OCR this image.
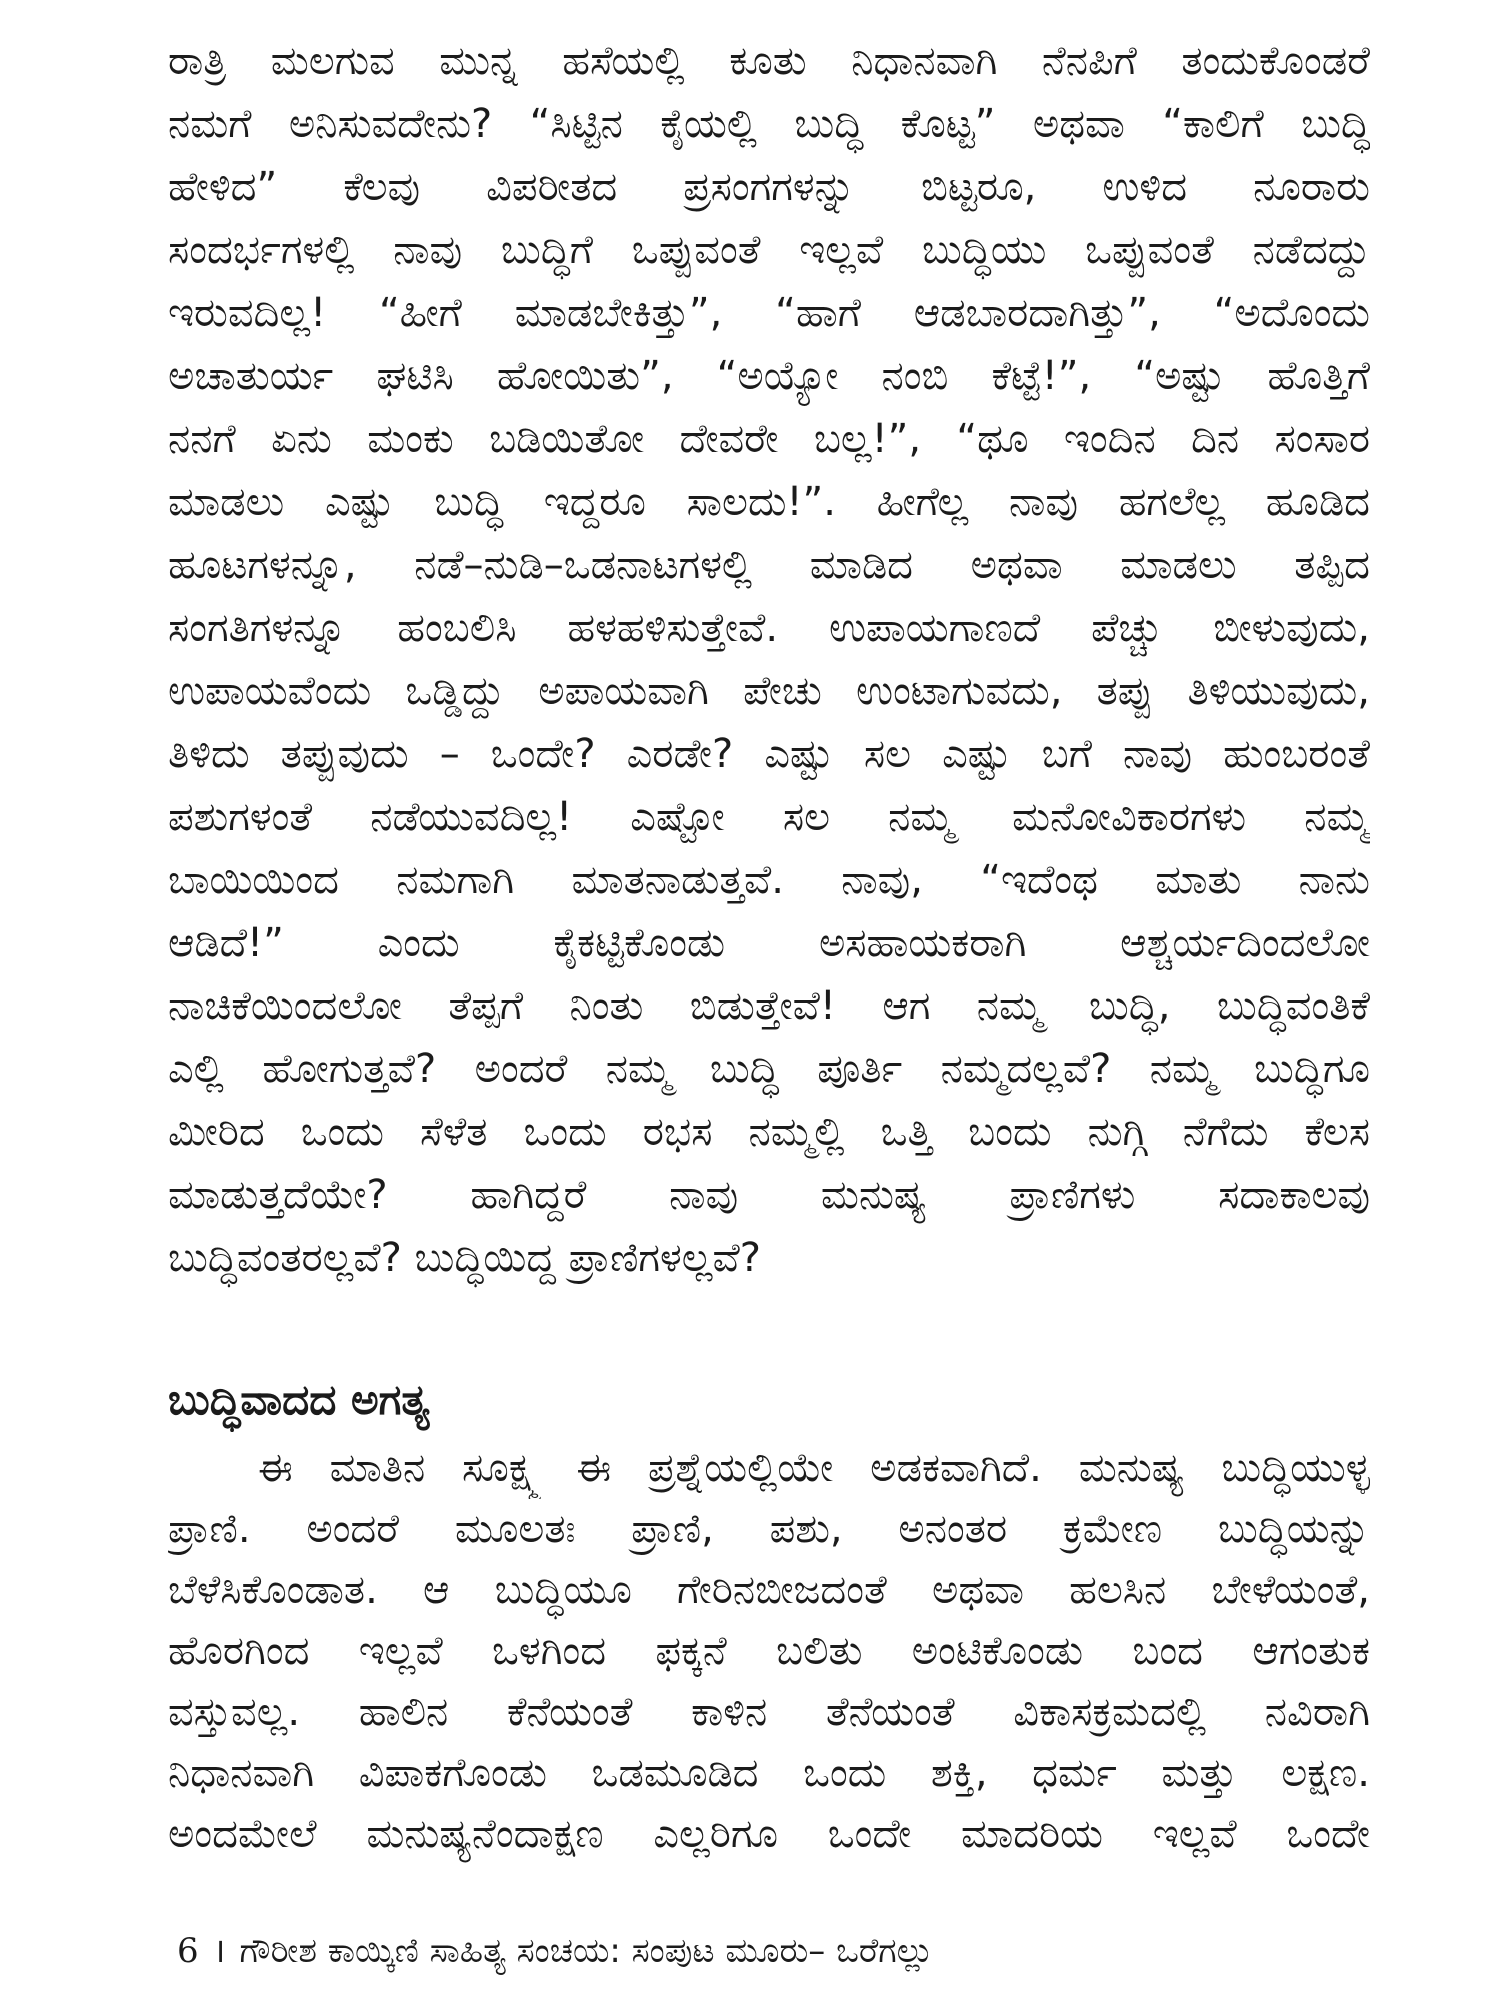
ರಾತ್ರಿ ಮಲಗುವ ಮುನ್ನ ಹಸೆಯಲ್ಲಿ ಕೂತು ನಿಧಾನವಾಗಿ ನೆನಪಿಗೆ ತಂದುಕೊಂಡರೆ
ನಮಗೆ ಅನಿಸುವದೇನು? “ಸಿಟ್ಟಿನ ಕೈಯಲ್ಲಿ ಬುದ್ಧಿ ಕೊಟ್ಟ” ಅಥವಾ “ಕಾಲಿಗೆ ಬುದ್ಧಿ
ಹೇಳಿದ” ಕೆಲವು ವಿಪರೀತದ ಪ್ರಸಂಗಗಳನ್ನು ಬಿಟ್ಟರೂ, ಉಳಿದ ನೂರಾರು
ಸಂದರ್ಭಗಳಲ್ಲಿ ನಾವು ಬುದ್ಧಿಗೆ ಒಪ್ಪುವಂತೆ ಇಲ್ಲವೆ ಬುದ್ಧಿಯು ಒಪ್ಪುವಂತೆ ನಡೆದದ್ದು
ಇರುವದಿಲ್ಲ! “ಹೀಗೆ ಮಾಡಬೇಕಿತ್ತು”, “ಹಾಗೆ ಆಡಬಾರದಾಗಿತ್ತು”, “ಅದೊಂದು
ಅಚಾತುರ್ಯ ಘಟಿಸಿ ಹೋಯಿತು”, “ಅಯ್ಯೋ ನಂಬಿ ಕೆಟ್ಟೆ!”, “ಅಷ್ಟು ಹೊತ್ತಿಗೆ
ನನಗೆ ಏನು ಮಂಕು ಬಡಿಯಿತೋ ದೇವರೇ ಬಲ್ಲ!”, “ಥೂ ಇಂದಿನ ದಿನ ಸಂಸಾರ
ಮಾಡಲು ಎಷ್ಟು ಬುದ್ಧಿ ಇದ್ದರೂ ಸಾಲದು!”. ಹೀಗೆಲ್ಲ ನಾವು ಹಗಲೆಲ್ಲ ಹೂಡಿದ
ಹೂಟಗಳನ್ನೂ, ನಡೆ–ನುಡಿ–ಒಡನಾಟಗಳಲ್ಲಿ ಮಾಡಿದ ಅಥವಾ ಮಾಡಲು ತಪ್ಪಿದ
ಸಂಗತಿಗಳನ್ನೂ ಹಂಬಲಿಸಿ ಹಳಹಳಿಸುತ್ತೇವೆ. ಉಪಾಯಗಾಣದೆ ಪೆಚ್ಚು ಬೀಳುವುದು,
ಉಪಾಯವೆಂದು ಒಡ್ಡಿದ್ದು ಅಪಾಯವಾಗಿ ಪೇಚು ಉಂಟಾಗುವದು, ತಪ್ಪು ತಿಳಿಯುವುದು,
ತಿಳಿದು ತಪ್ಪುವುದು – ಒಂದೇ? ಎರಡೇ? ಎಷ್ಟು ಸಲ ಎಷ್ಟು ಬಗೆ ನಾವು ಹುಂಬರಂತೆ
ಪಶುಗಳಂತೆ ನಡೆಯುವದಿಲ್ಲ! ಎಷ್ಟೋ ಸಲ ನಮ್ಮ ಮನೋವಿಕಾರಗಳು ನಮ್ಮ
ಬಾಯಿಯಿಂದ ನಮಗಾಗಿ ಮಾತನಾಡುತ್ತವೆ. ನಾವು, “ಇದೆಂಥ ಮಾತು ನಾನು
ಆಡಿದೆ!” ಎಂದು ಕೈಕಟ್ಟಿಕೊಂಡು ಅಸಹಾಯಕರಾಗಿ ಆಶ್ಚರ್ಯದಿಂದಲೋ
ನಾಚಿಕೆಯಿಂದಲೋ ತೆಪ್ಪಗೆ ನಿಂತು ಬಿಡುತ್ತೇವೆ! ಆಗ ನಮ್ಮ ಬುದ್ಧಿ, ಬುದ್ಧಿವಂತಿಕೆ
ಎಲ್ಲಿ ಹೋಗುತ್ತವೆ? ಅಂದರೆ ನಮ್ಮ ಬುದ್ಧಿ ಪೂರ್ತಿ ನಮ್ಮದಲ್ಲವೆ? ನಮ್ಮ ಬುದ್ಧಿಗೂ
ಮೀರಿದ ಒಂದು ಸೆಳೆತ ಒಂದು ರಭಸ ನಮ್ಮಲ್ಲಿ ಒತ್ತಿ ಬಂದು ನುಗ್ಗಿ ನೆಗೆದು ಕೆಲಸ
ಮಾಡುತ್ತದೆಯೇ? ಹಾಗಿದ್ದರೆ ನಾವು ಮನುಷ್ಯ ಪ್ರಾಣಿಗಳು ಸದಾಕಾಲವು
ಬುದ್ಧಿವಂತರಲ್ಲವೆ? ಬುದ್ಧಿಯಿದ್ದ ಪ್ರಾಣಿಗಳಲ್ಲವೆ?
ಬುದ್ಧಿವಾದದ ಅಗತ್ಯ
ಈ ಮಾತಿನ ಸೂಕ್ಷ್ಮ ಈ ಪ್ರಶ್ನೆಯಲ್ಲಿಯೇ ಅಡಕವಾಗಿದೆ. ಮನುಷ್ಯ ಬುದ್ಧಿಯುಳ್ಳ
ಪ್ರಾಣಿ. ಅಂದರೆ ಮೂಲತಃ ಪ್ರಾಣಿ, ಪಶು, ಅನಂತರ ಕ್ರಮೇಣ ಬುದ್ಧಿಯನ್ನು
ಬೆಳೆಸಿಕೊಂಡಾತ. ಆ ಬುದ್ಧಿಯೂ ಗೇರಿನಬೀಜದಂತೆ ಅಥವಾ ಹಲಸಿನ ಬೇಳೆಯಂತೆ,
ಹೊರಗಿಂದ ಇಲ್ಲವೆ ಒಳಗಿಂದ ಫಕ್ಕನೆ ಬಲಿತು ಅಂಟಿಕೊಂಡು ಬಂದ ಆಗಂತುಕ
ವಸ್ತುವಲ್ಲ. ಹಾಲಿನ ಕೆನೆಯಂತೆ ಕಾಳಿನ ತೆನೆಯಂತೆ ವಿಕಾಸಕ್ರಮದಲ್ಲಿ ನವಿರಾಗಿ
ನಿಧಾನವಾಗಿ ವಿಪಾಕಗೊಂಡು ಒಡಮೂಡಿದ ಒಂದು ಶಕ್ತಿ, ಧರ್ಮ ಮತ್ತು ಲಕ್ಷಣ.
ಅಂದಮೇಲೆ ಮನುಷ್ಯನೆಂದಾಕ್ಷಣ ಎಲ್ಲರಿಗೂ ಒಂದೇ ಮಾದರಿಯ ಇಲ್ಲವೆ ಒಂದೇ
6 । ಗೌರೀಶ ಕಾಯ್ಕಿಣಿ ಸಾಹಿತ್ಯ ಸಂಚಯ: ಸಂಪುಟ ಮೂರು– ಒರೆಗಲ್ಲು
